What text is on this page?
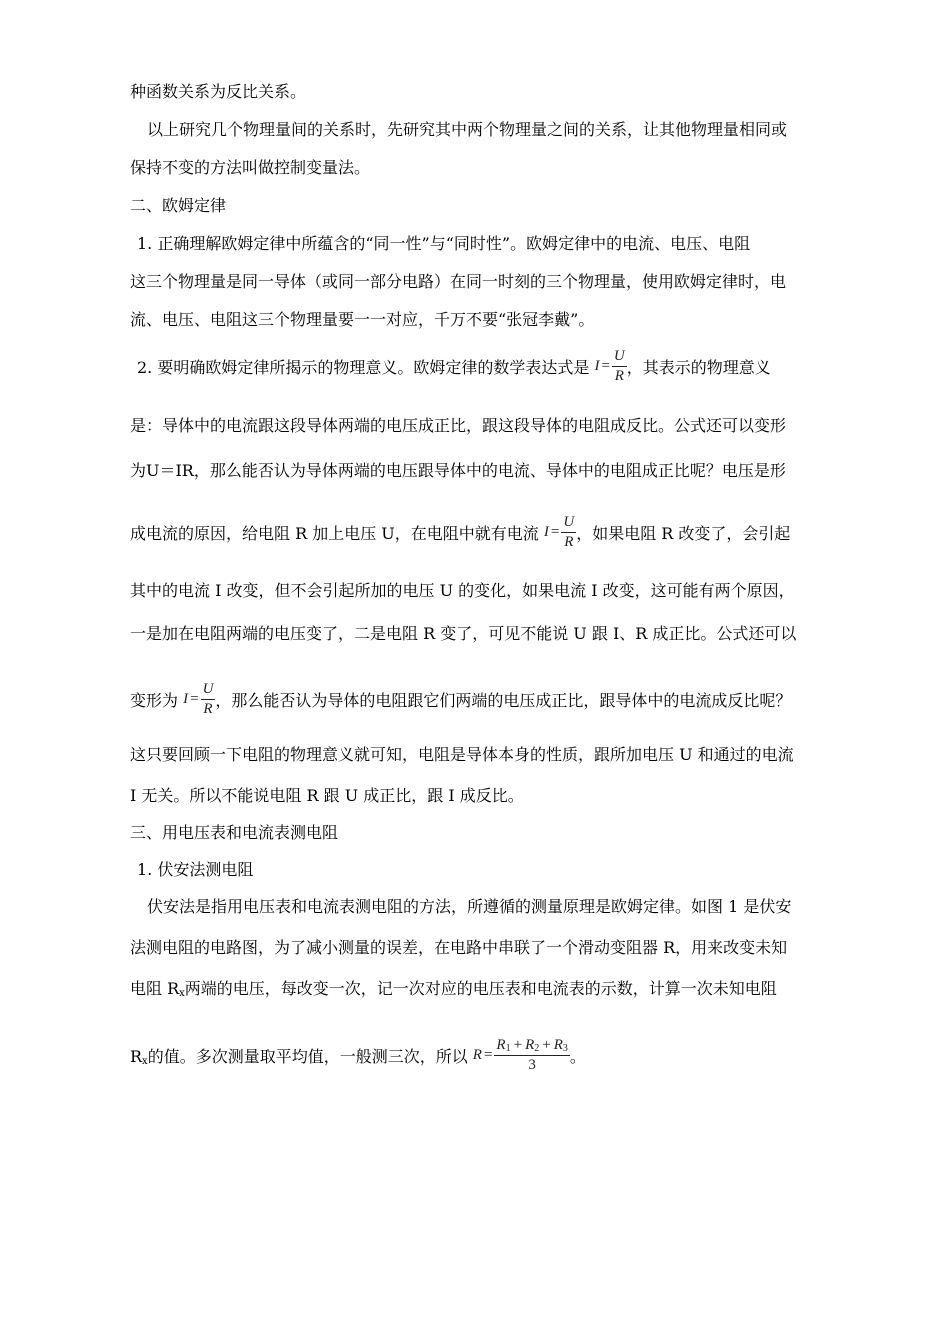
种函数关系为反比关系。
以上研究几个物理量间的关系时，先研究其中两个物理量之间的关系，让其他物理量相同或
保持不变的方法叫做控制变量法。
二、欧姆定律
1. 正确理解欧姆定律中所蕴含的“同一性”与“同时性”。欧姆定律中的电流、电压、电阻
这三个物理量是同一导体（或同一部分电路）在同一时刻的三个物理量，使用欧姆定律时，电
流、电压、电阻这三个物理量要一一对应，千万不要“张冠李戴”。
2. 要明确欧姆定律所揭示的物理意义。欧姆定律的数学表达式是 $I = \frac{U}{R}$ ，其表示的物理意义
是：导体中的电流跟这段导体两端的电压成正比，跟这段导体的电阻成反比。公式还可以变形
为U＝IR，那么能否认为导体两端的电压跟导体中的电流、导体中的电阻成正比呢？电压是形
成电流的原因，给电阻 R 加上电压 U，在电阻中就有电流 $I = \frac{U}{R}$ ，如果电阻 R 改变了，会引起
其中的电流 I 改变，但不会引起所加的电压 U 的变化，如果电流 I 改变，这可能有两个原因，
一是加在电阻两端的电压变了，二是电阻 R 变了，可见不能说 U 跟 I、R 成正比。公式还可以
变形为 $I = \frac{U}{R}$ ，那么能否认为导体的电阻跟它们两端的电压成正比，跟导体中的电流成反比呢？
这只要回顾一下电阻的物理意义就可知，电阻是导体本身的性质，跟所加电压 U 和通过的电流
I 无关。所以不能说电阻 R 跟 U 成正比，跟 I 成反比。
三、用电压表和电流表测电阻
1. 伏安法测电阻
伏安法是指用电压表和电流表测电阻的方法，所遵循的测量原理是欧姆定律。如图 1 是伏安
法测电阻的电路图，为了减小测量的误差，在电路中串联了一个滑动变阻器 R，用来改变未知
电阻 $R_x$两端的电压，每改变一次，记一次对应的电压表和电流表的示数，计算一次未知电阻
$R_x$的值。多次测量取平均值，一般测三次，所以 $R = \frac{R_1 + R_2 + R_3}{3}$ 。
